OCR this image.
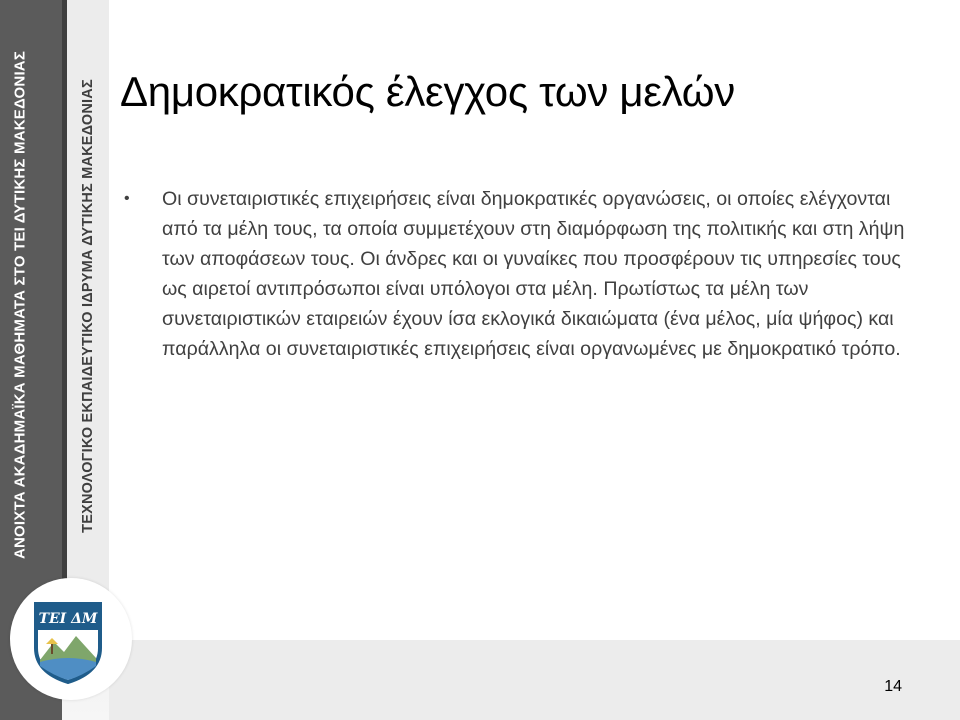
ΑΝΟΙΧΤΑ ΑΚΑΔΗΜΑΪΚΑ ΜΑΘΗΜΑΤΑ ΣΤΟ ΤΕΙ ΔΥΤΙΚΗΣ ΜΑΚΕΔΟΝΙΑΣ	ΤΕΧΝΟΛΟΓΙΚΟ ΕΚΠΑΙΔΕΥΤΙΚΟ ΙΔΡΥΜΑ ΔΥΤΙΚΗΣ ΜΑΚΕΔΟΝΙΑΣ
14
ΤΕΙ ΔΜ
Δημοκρατικός έλεγχος των μελών
• Οι συνεταιριστικές επιχειρήσεις είναι δημοκρατικές οργανώσεις, οι οποίες ελέγχονται από τα μέλη τους, τα οποία συμμετέχουν στη διαμόρφωση της πολιτικής και στη λήψη των αποφάσεων τους. Οι άνδρες και οι γυναίκες που προσφέρουν τις υπηρεσίες τους ως αιρετοί αντιπρόσωποι είναι υπόλογοι στα μέλη. Πρωτίστως τα μέλη των συνεταιριστικών εταιρειών έχουν ίσα εκλογικά δικαιώματα (ένα μέλος, μία ψήφος) και παράλληλα οι συνεταιριστικές επιχειρήσεις είναι οργανωμένες με δημοκρατικό τρόπο.
